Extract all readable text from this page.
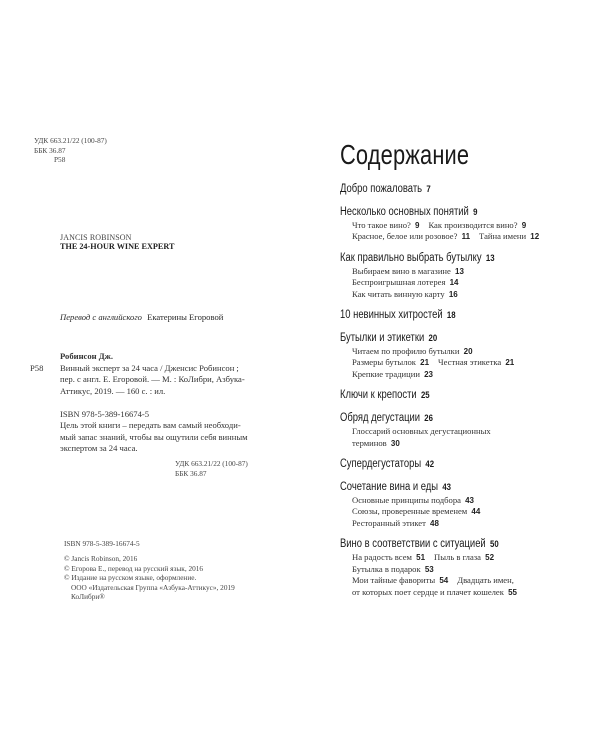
УДК 663.21/22 (100-87)
ББК 36.87
Р58
JANCIS ROBINSON
THE 24-HOUR WINE EXPERT
Перевод с английского Екатерины Егоровой
Робинсон Дж.
Р58	Винный эксперт за 24 часа / Дженсис Робинсон ;
пер. с англ. Е. Егоровой. — М. : КоЛибри, Азбука-
Аттикус, 2019. — 160 с. : ил.
ISBN 978-5-389-16674-5
Цель этой книги – передать вам самый необходи-
мый запас знаний, чтобы вы ощутили себя винным
экспертом за 24 часа.
УДК 663.21/22 (100-87)
ББК 36.87
ISBN 978-5-389-16674-5
© Jancis Robinson, 2016
© Егорова Е., перевод на русский язык, 2016
© Издание на русском языке, оформление.
ООО «Издательская Группа «Азбука-Аттикус», 2019
КоЛибри®
Содержание
Добро пожаловать 7
Несколько основных понятий 9
Что такое вино? 9 Как производится вино? 9
Красное, белое или розовое? 11 Тайна имени 12
Как правильно выбрать бутылку 13
Выбираем вино в магазине 13
Беспроигрышная лотерея 14
Как читать винную карту 16
10 невинных хитростей 18
Бутылки и этикетки 20
Читаем по профилю бутылки 20
Размеры бутылок 21 Честная этикетка 21
Крепкие традиции 23
Ключи к крепости 25
Обряд дегустации 26
Глоссарий основных дегустационных
терминов 30
Супердегустаторы 42
Сочетание вина и еды 43
Основные принципы подбора 43
Союзы, проверенные временем 44
Ресторанный этикет 48
Вино в соответствии с ситуацией 50
На радость всем 51 Пыль в глаза 52
Бутылка в подарок 53
Мои тайные фавориты 54 Двадцать имен,
от которых поет сердце и плачет кошелек 55
